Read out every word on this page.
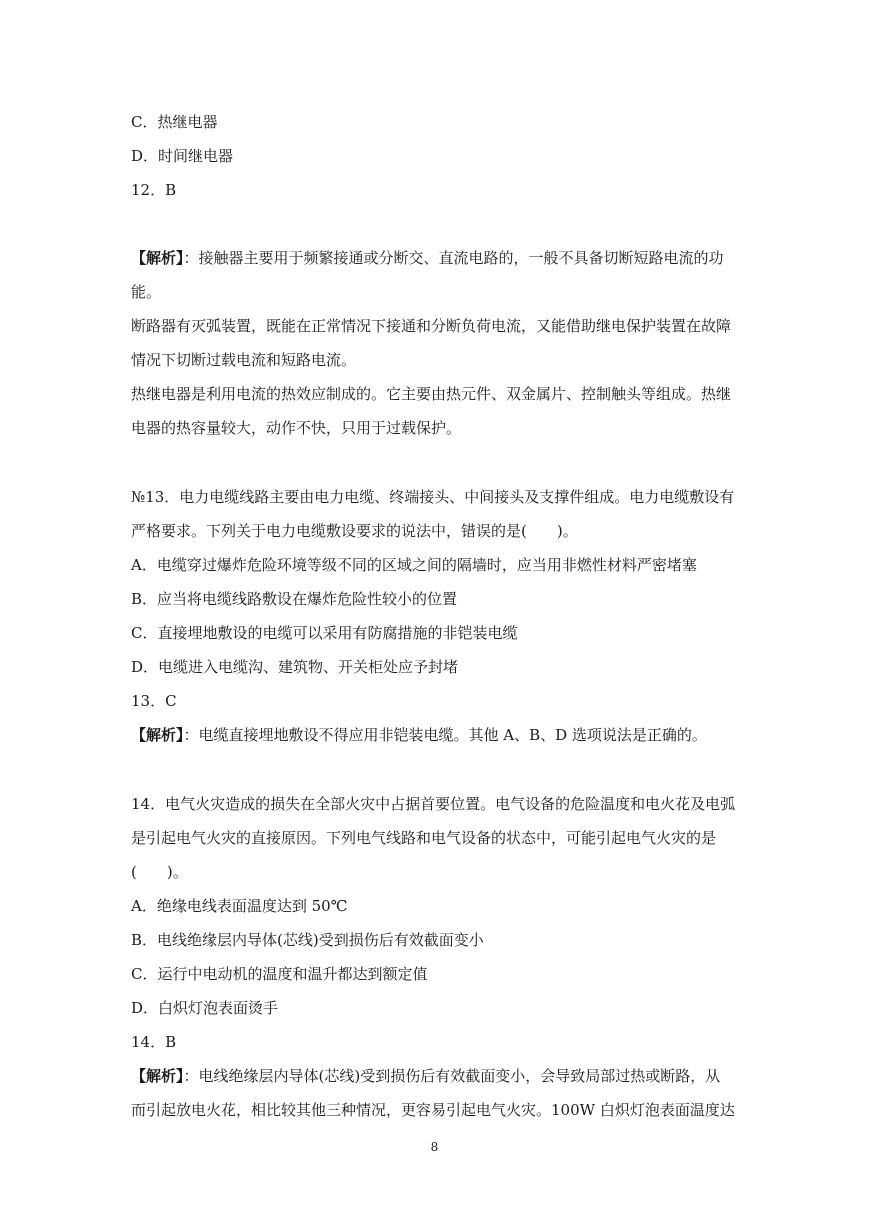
C．热继电器
D．时间继电器
12．B
【解析】：接触器主要用于频繁接通或分断交、直流电路的，一般不具备切断短路电流的功
能。
断路器有灭弧装置，既能在正常情况下接通和分断负荷电流，又能借助继电保护装置在故障
情况下切断过载电流和短路电流。
热继电器是利用电流的热效应制成的。它主要由热元件、双金属片、控制触头等组成。热继
电器的热容量较大，动作不快，只用于过载保护。
№13．电力电缆线路主要由电力电缆、终端接头、中间接头及支撑件组成。电力电缆敷设有
严格要求。下列关于电力电缆敷设要求的说法中，错误的是(　　)。
A．电缆穿过爆炸危险环境等级不同的区域之间的隔墙时，应当用非燃性材料严密堵塞
B．应当将电缆线路敷设在爆炸危险性较小的位置
C．直接埋地敷设的电缆可以采用有防腐措施的非铠装电缆
D．电缆进入电缆沟、建筑物、开关柜处应予封堵
13．C
【解析】：电缆直接埋地敷设不得应用非铠装电缆。其他 A、B、D 选项说法是正确的。
14．电气火灾造成的损失在全部火灾中占据首要位置。电气设备的危险温度和电火花及电弧
是引起电气火灾的直接原因。下列电气线路和电气设备的状态中，可能引起电气火灾的是
(　　)。
A．绝缘电线表面温度达到 50℃
B．电线绝缘层内导体(芯线)受到损伤后有效截面变小
C．运行中电动机的温度和温升都达到额定值
D．白炽灯泡表面烫手
14．B
【解析】：电线绝缘层内导体(芯线)受到损伤后有效截面变小，会导致局部过热或断路，从
而引起放电火花，相比较其他三种情况，更容易引起电气火灾。100W 白炽灯泡表面温度达
8
